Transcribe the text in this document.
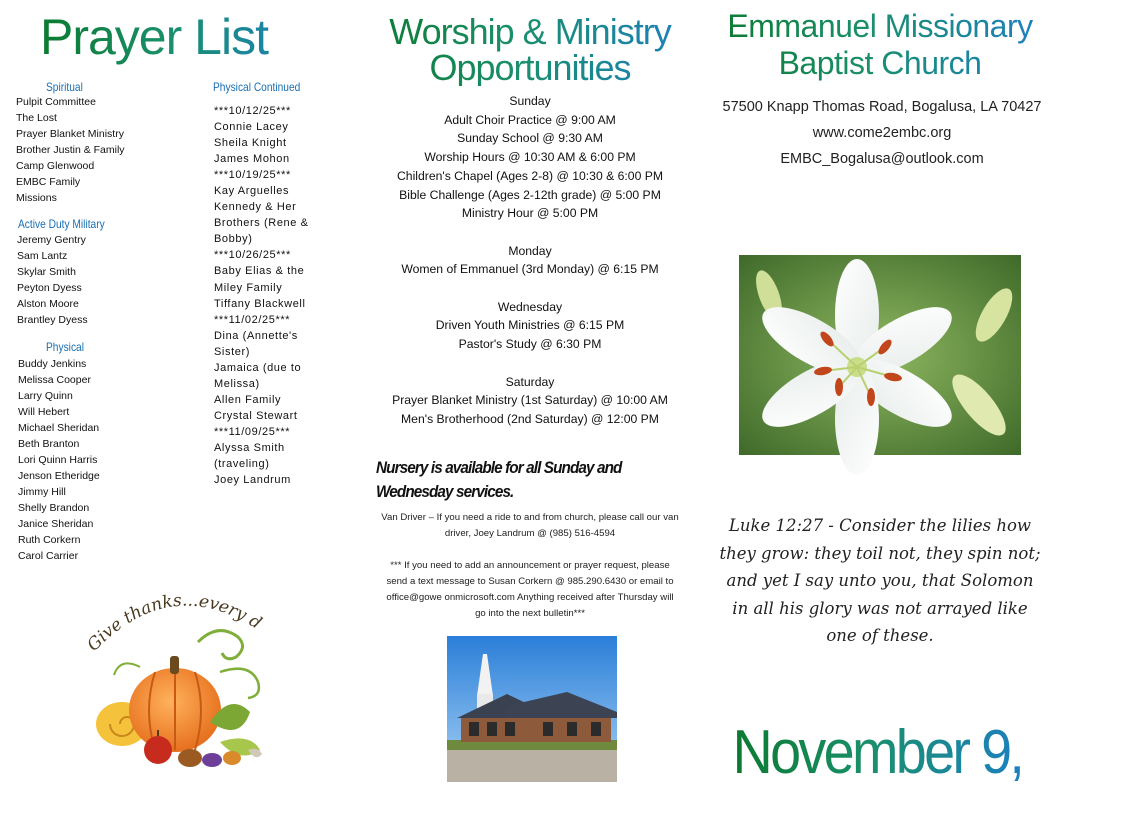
Prayer List
Spiritual
Pulpit Committee
The Lost
Prayer Blanket Ministry
Brother Justin & Family
Camp Glenwood
EMBC Family
Missions
Active Duty Military
Jeremy Gentry
Sam Lantz
Skylar Smith
Peyton Dyess
Alston Moore
Brantley Dyess
Physical
Buddy Jenkins
Melissa Cooper
Larry Quinn
Will Hebert
Michael Sheridan
Beth Branton
Lori Quinn Harris
Jenson Etheridge
Jimmy Hill
Shelly Brandon
Janice Sheridan
Ruth Corkern
Carol Carrier
Physical Continued
***10/12/25***
Connie Lacey
Sheila Knight
James Mohon
***10/19/25***
Kay Arguelles
Kennedy & Her Brothers (Rene & Bobby)
***10/26/25***
Baby Elias & the Miley Family
Tiffany Blackwell
***11/02/25***
Dina (Annette's Sister)
Jamaica (due to Melissa)
Allen Family
Crystal Stewart
***11/09/25***
Alyssa Smith (traveling)
Joey Landrum
Give thanks...every d
Worship & Ministry Opportunities
Sunday
Adult Choir Practice @ 9:00 AM
Sunday School @ 9:30 AM
Worship Hours @ 10:30 AM & 6:00 PM
Children's Chapel (Ages 2-8) @ 10:30 & 6:00 PM
Bible Challenge (Ages 2-12th grade) @ 5:00 PM
Ministry Hour @ 5:00 PM
Monday
Women of Emmanuel (3rd Monday) @ 6:15 PM
Wednesday
Driven Youth Ministries @ 6:15 PM
Pastor's Study @ 6:30 PM
Saturday
Prayer Blanket Ministry (1st Saturday) @ 10:00 AM
Men's Brotherhood (2nd Saturday) @ 12:00 PM
Nursery is available for all Sunday and Wednesday services.

Van Driver – If you need a ride to and from church, please call our van driver, Joey Landrum @ (985) 516-4594

*** If you need to add an announcement or prayer request, please send a text message to Susan Corkern @ 985.290.6430 or email to office@gowe onmicrosoft.com Anything received after Thursday will go into the next bulletin***

Emmanuel Missionary Baptist Church
57500 Knapp Thomas Road, Bogalusa, LA 70427
www.come2embc.org
EMBC_Bogalusa@outlook.com
Luke 12:27 - Consider the lilies how they grow: they toil not, they spin not; and yet I say unto you, that Solomon in all his glory was not arrayed like one of these.
November 9, 2025
